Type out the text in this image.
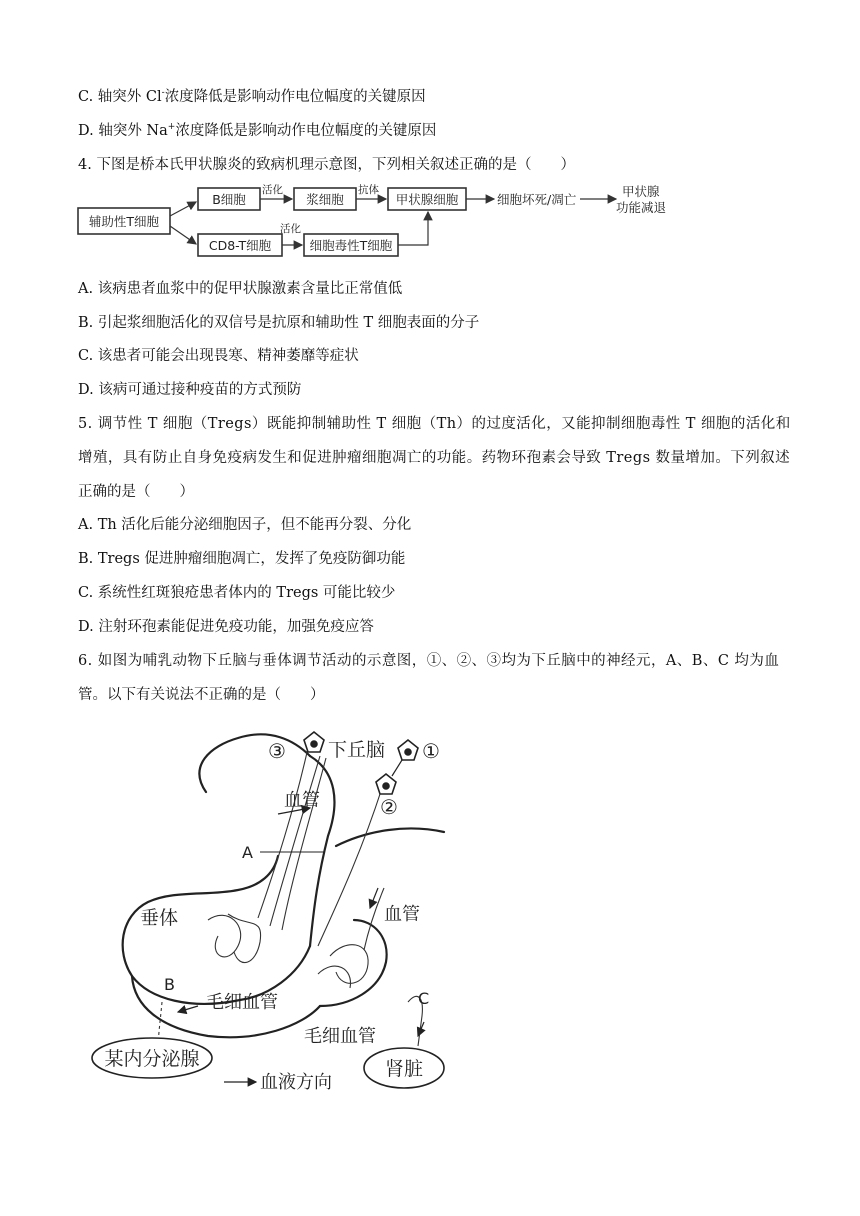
C. 轴突外 Cl-浓度降低是影响动作电位幅度的关键原因
D. 轴突外 Na+浓度降低是影响动作电位幅度的关键原因
4. 下图是桥本氏甲状腺炎的致病机理示意图，下列相关叙述正确的是（　　）
辅助性T细胞
B细胞	浆细胞	甲状腺细胞
CD8-T细胞	细胞毒性T细胞
活化	抗体
活化
细胞坏死/凋亡
甲状腺
功能减退
A. 该病患者血浆中的促甲状腺激素含量比正常值低
B. 引起浆细胞活化的双信号是抗原和辅助性 T 细胞表面的分子
C. 该患者可能会出现畏寒、精神萎靡等症状
D. 该病可通过接种疫苗的方式预防
5. 调节性 T 细胞（Tregs）既能抑制辅助性 T 细胞（Th）的过度活化，又能抑制细胞毒性 T 细胞的活化和
增殖，具有防止自身免疫病发生和促进肿瘤细胞凋亡的功能。药物环孢素会导致 Tregs 数量增加。下列叙述
正确的是（　　）
A. Th 活化后能分泌细胞因子，但不能再分裂、分化
B. Tregs 促进肿瘤细胞凋亡，发挥了免疫防御功能
C. 系统性红斑狼疮患者体内的 Tregs 可能比较少
D. 注射环孢素能促进免疫功能，加强免疫应答
6. 如图为哺乳动物下丘脑与垂体调节活动的示意图，①、②、③均为下丘脑中的神经元，A、B、C 均为血
管。以下有关说法不正确的是（　　）
③ 下丘脑 ①
②
血管
A
垂体	血管
B
毛细血管	C
毛细血管
某内分泌腺	肾脏
血液方向
